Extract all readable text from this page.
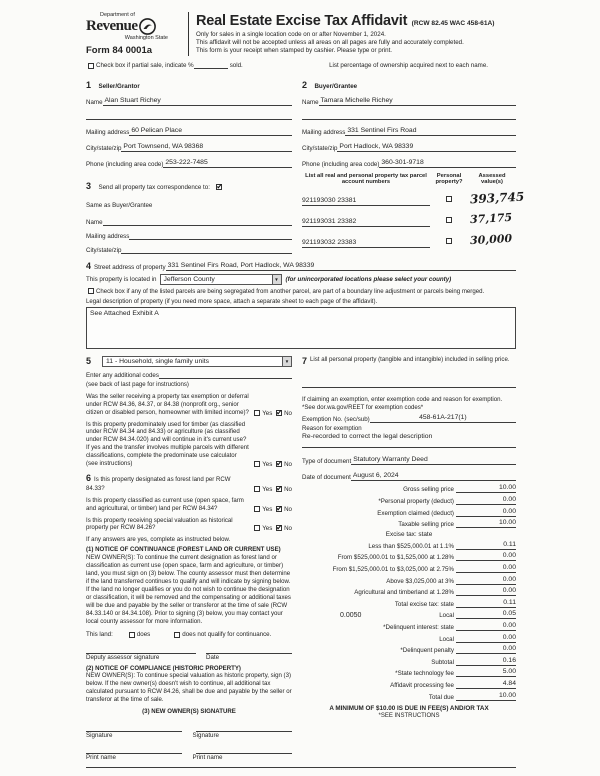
Department of
Revenue
Washington State
Form 84 0001a
Real Estate Excise Tax Affidavit (RCW 82.45 WAC 458-61A)
Only for sales in a single location code on or after November 1, 2024.
This affidavit will not be accepted unless all areas on all pages are fully and accurately completed.
This form is your receipt when stamped by cashier. Please type or print.
Check box if partial sale, indicate %	sold.	List percentage of ownership acquired next to each name.
1 Seller/Grantor
Name Alan Stuart Richey
Mailing address 60 Pelican Place
City/state/zip Port Townsend, WA 98368
Phone (including area code) 253-222-7485
3 Send all property tax correspondence to: ✔ Same as Buyer/Grantee
Name
Mailing address
City/state/zip
2 Buyer/Grantee
Name Tamara Michelle Richey
Mailing address 331 Sentinel Firs Road
City/state/zip Port Hadlock, WA 98339
Phone (including area code) 360-301-9718
List all real and personal property tax parcel account numbers
Personal property?
Assessed value(s)
921193030 23381	393,745
921193031 23382	37,175
921193032 23383	30,000
4 Street address of property 331 Sentinel Firs Road, Port Hadlock, WA 98339
This property is located in	Jefferson County ▼	(for unincorporated locations please select your county)
Check box if any of the listed parcels are being segregated from another parcel, are part of a boundary line adjustment or parcels being merged.
Legal description of property (if you need more space, attach a separate sheet to each page of the affidavit).
See Attached Exhibit A
5	11 - Household, single family units
▼
Enter any additional codes
(see back of last page for instructions)
Was the seller receiving a property tax exemption or deferral under RCW 84.36, 84.37, or 84.38 (nonprofit org., senior citizen or disabled person, homeowner with limited income)?	Yes ✔ No
Is this property predominately used for timber (as classified under RCW 84.34 and 84.33) or agriculture (as classified under RCW 84.34.020) and will continue in it's current use? If yes and the transfer involves multiple parcels with different classifications, complete the predominate use calculator (see instructions)	Yes ✔ No
6 Is this property designated as forest land per RCW 84.33?	Yes ✔ No
Is this property classified as current use (open space, farm and agricultural, or timber) land per RCW 84.34?	Yes ✔ No
Is this property receiving special valuation as historical property per RCW 84.26?	Yes ✔ No
If any answers are yes, complete as instructed below.
(1) NOTICE OF CONTINUANCE (FOREST LAND OR CURRENT USE)
NEW OWNER(S): To continue the current designation as forest land or classification as current use (open space, farm and agriculture, or timber) land, you must sign on (3) below. The county assessor must then determine if the land transferred continues to qualify and will indicate by signing below. If the land no longer qualifies or you do not wish to continue the designation or classification, it will be removed and the compensating or additional taxes will be due and payable by the seller or transferor at the time of sale (RCW 84.33.140 or 84.34.108). Prior to signing (3) below, you may contact your local county assessor for more information.
This land:	does	does not qualify for continuance.
Deputy assessor signature	Date
(2) NOTICE OF COMPLIANCE (HISTORIC PROPERTY)
NEW OWNER(S): To continue special valuation as historic property, sign (3) below. If the new owner(s) doesn't wish to continue, all additional tax calculated pursuant to RCW 84.26, shall be due and payable by the seller or transferor at the time of sale.
(3) NEW OWNER(S) SIGNATURE
Signature	Signature
Print name	Print name
7 List all personal property (tangible and intangible) included in selling price.
If claiming an exemption, enter exemption code and reason for exemption. *See dor.wa.gov/REET for exemption codes*
Exemption No. (sec/sub)	458-61A-217(1)
Reason for exemption
Re-recorded to correct the legal description
Type of document Statutory Warranty Deed
Date of document August 6, 2024
Gross selling price	10.00
*Personal property (deduct)	0.00
Exemption claimed (deduct)	0.00
Taxable selling price	10.00
Excise tax: state
Less than $525,000.01 at 1.1%	0.11
From $525,000.01 to $1,525,000 at 1.28%	0.00
From $1,525,000.01 to $3,025,000 at 2.75%	0.00
Above $3,025,000 at 3%	0.00
Agricultural and timberland at 1.28%	0.00
Total excise tax: state	0.11
0.0050	Local	0.05
*Delinquent interest: state	0.00
Local	0.00
*Delinquent penalty	0.00
Subtotal	0.16
*State technology fee	5.00
Affidavit processing fee	4.84
Total due	10.00
A MINIMUM OF $10.00 IS DUE IN FEE(S) AND/OR TAX
*SEE INSTRUCTIONS
